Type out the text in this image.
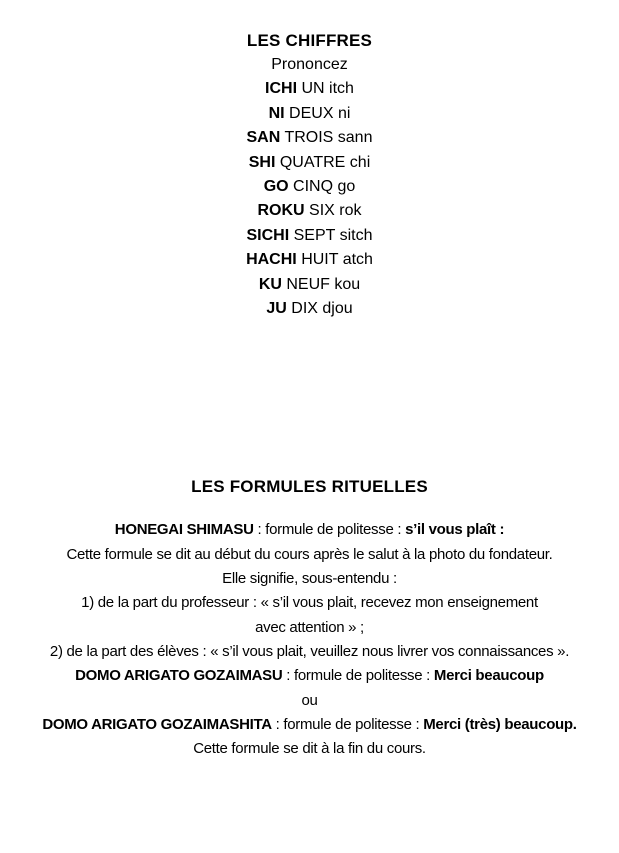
LES CHIFFRES
Prononcez
ICHI UN itch
NI DEUX ni
SAN TROIS sann
SHI QUATRE chi
GO CINQ go
ROKU SIX rok
SICHI SEPT sitch
HACHI HUIT atch
KU NEUF kou
JU DIX djou
LES FORMULES RITUELLES
HONEGAI SHIMASU : formule de politesse : s’il vous plaît :
Cette formule se dit au début du cours après le salut à la photo du fondateur.
Elle signifie, sous-entendu :
1) de la part du professeur : « s’il vous plait, recevez mon enseignement
avec attention » ;
2) de la part des élèves : « s’il vous plait, veuillez nous livrer vos connaissances ».
DOMO ARIGATO GOZAIMASU : formule de politesse : Merci beaucoup
ou
DOMO ARIGATO GOZAIMASHITA : formule de politesse : Merci (très) beaucoup.
Cette formule se dit à la fin du cours.
